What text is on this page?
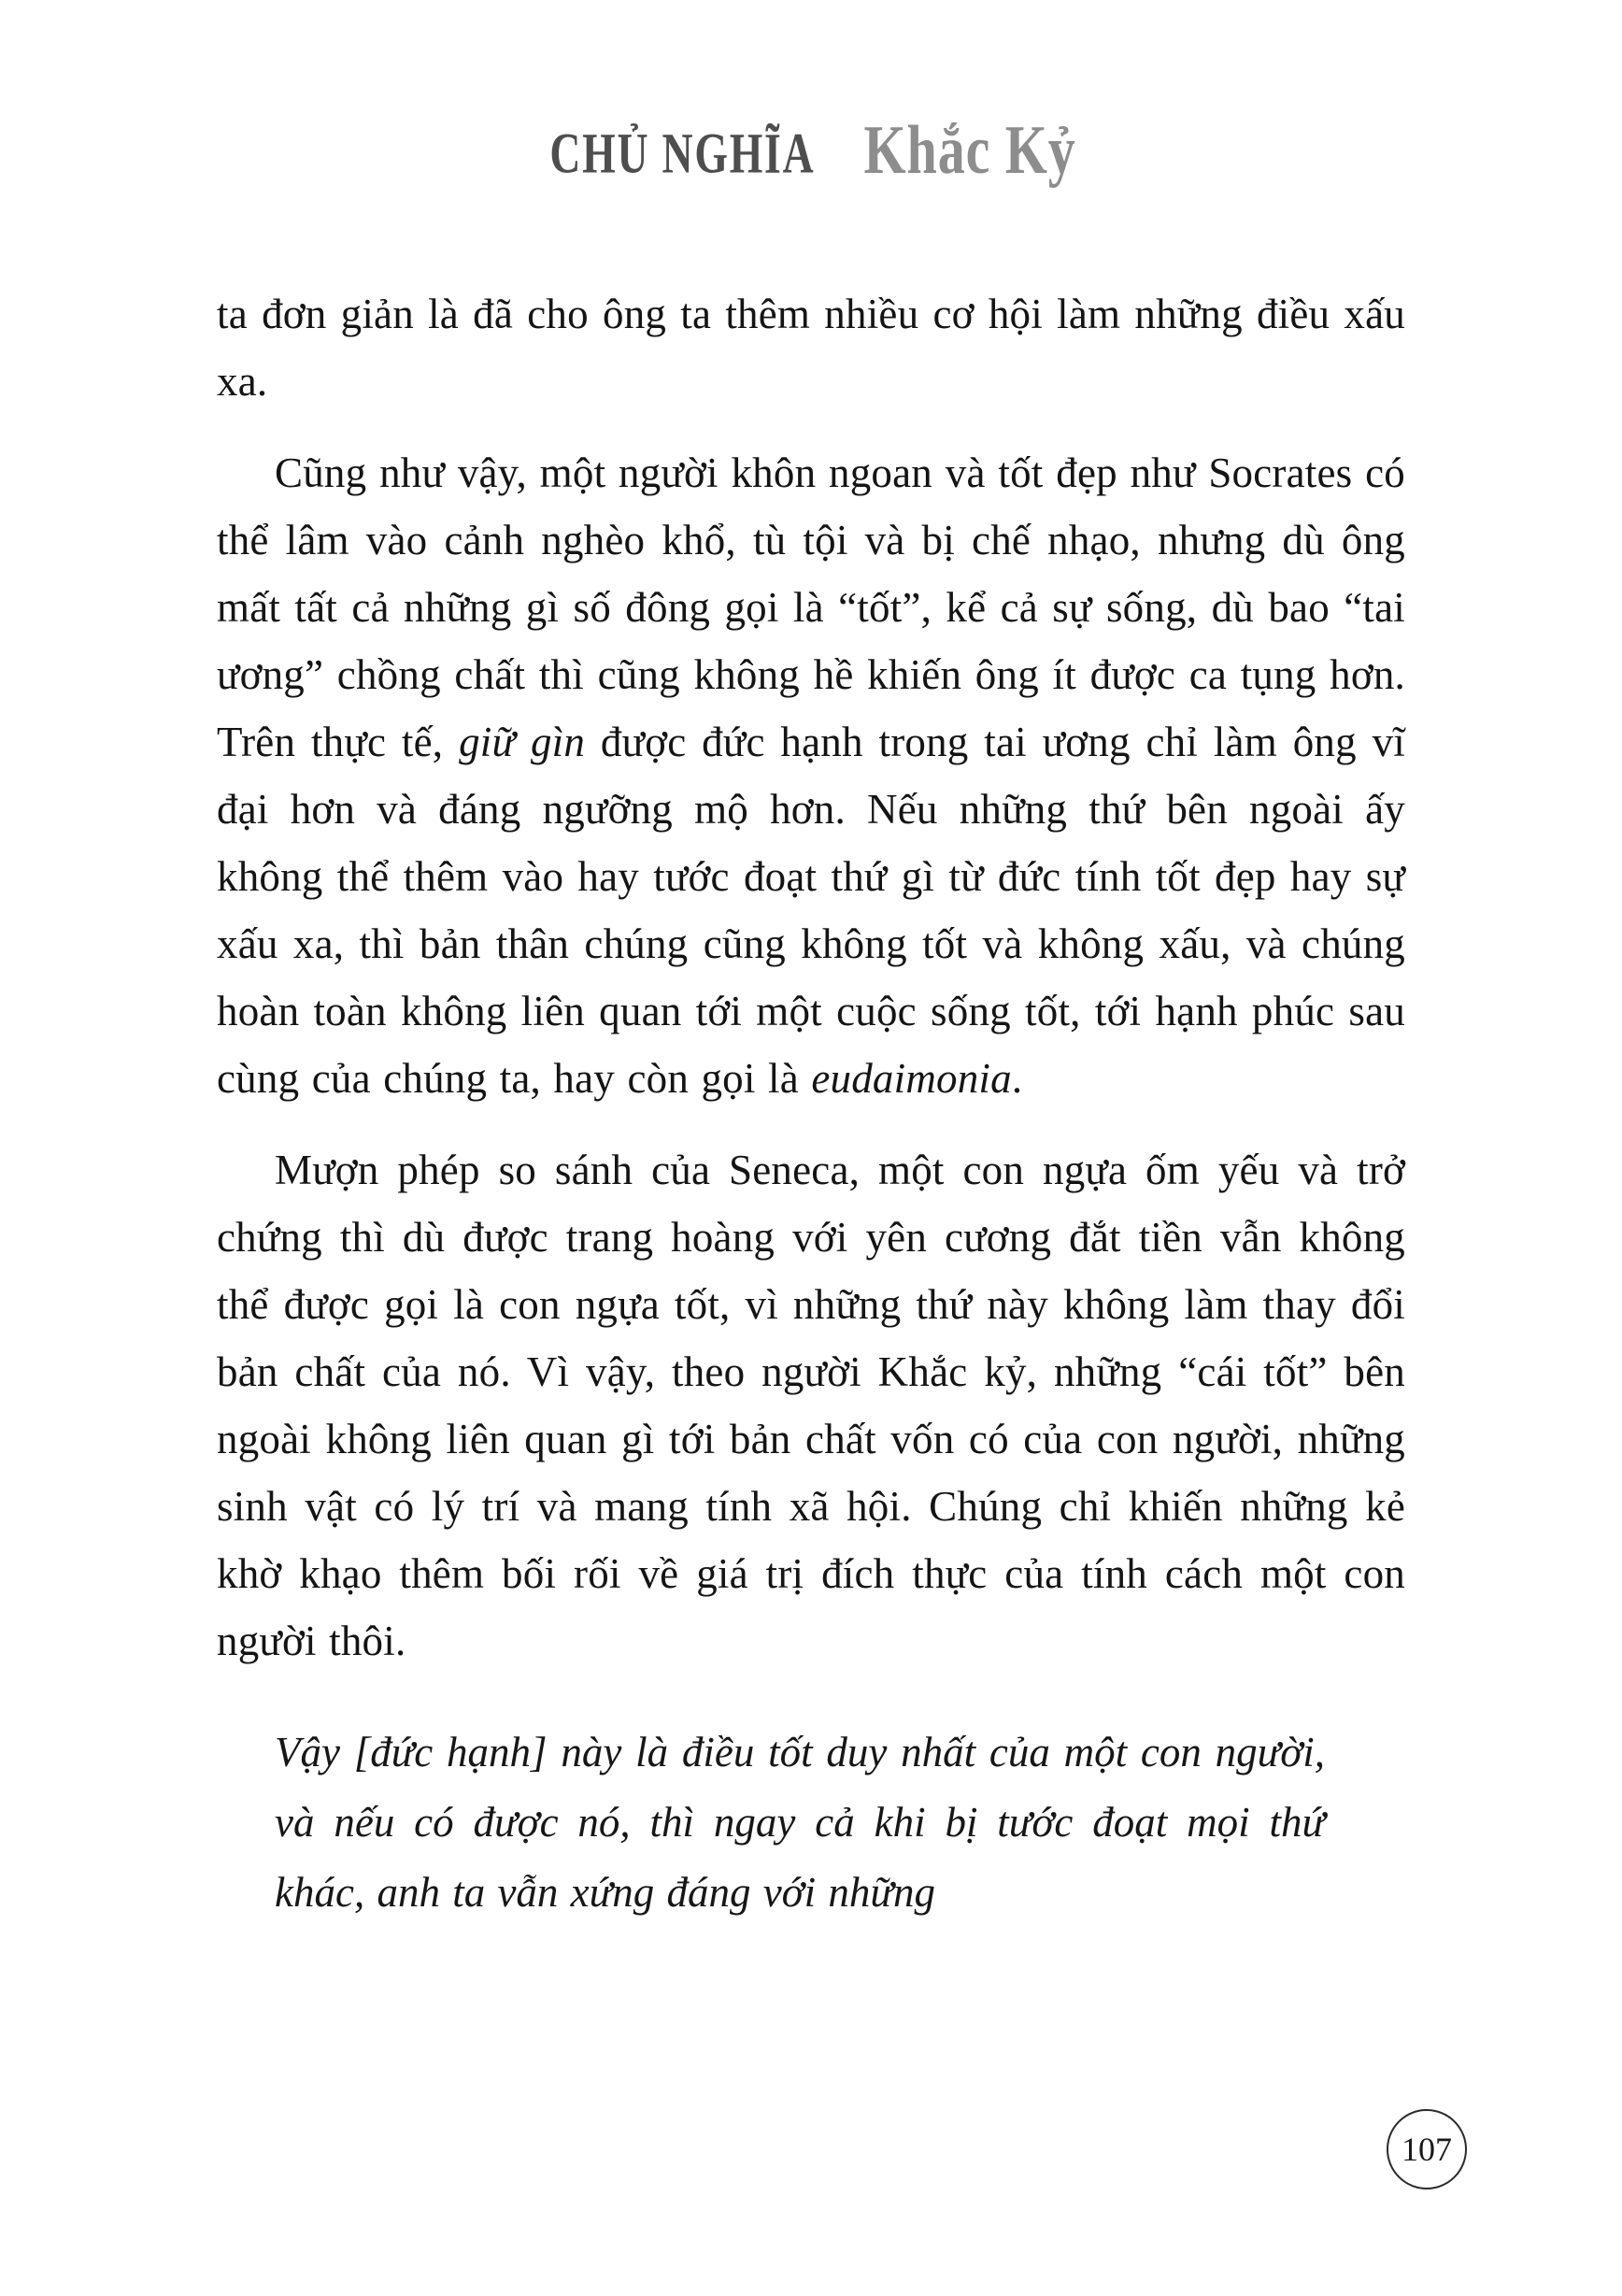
CHỦ NGHĨA Khắc Kỷ

ta đơn giản là đã cho ông ta thêm nhiều cơ hội làm những điều xấu xa.

Cũng như vậy, một người khôn ngoan và tốt đẹp như Socrates có thể lâm vào cảnh nghèo khổ, tù tội và bị chế nhạo, nhưng dù ông mất tất cả những gì số đông gọi là “tốt”, kể cả sự sống, dù bao “tai ương” chồng chất thì cũng không hề khiến ông ít được ca tụng hơn. Trên thực tế, giữ gìn được đức hạnh trong tai ương chỉ làm ông vĩ đại hơn và đáng ngưỡng mộ hơn. Nếu những thứ bên ngoài ấy không thể thêm vào hay tước đoạt thứ gì từ đức tính tốt đẹp hay sự xấu xa, thì bản thân chúng cũng không tốt và không xấu, và chúng hoàn toàn không liên quan tới một cuộc sống tốt, tới hạnh phúc sau cùng của chúng ta, hay còn gọi là eudaimonia.

Mượn phép so sánh của Seneca, một con ngựa ốm yếu và trở chứng thì dù được trang hoàng với yên cương đắt tiền vẫn không thể được gọi là con ngựa tốt, vì những thứ này không làm thay đổi bản chất của nó. Vì vậy, theo người Khắc kỷ, những “cái tốt” bên ngoài không liên quan gì tới bản chất vốn có của con người, những sinh vật có lý trí và mang tính xã hội. Chúng chỉ khiến những kẻ khờ khạo thêm bối rối về giá trị đích thực của tính cách một con người thôi.

Vậy [đức hạnh] này là điều tốt duy nhất của một con người, và nếu có được nó, thì ngay cả khi bị tước đoạt mọi thứ khác, anh ta vẫn xứng đáng với những
107
